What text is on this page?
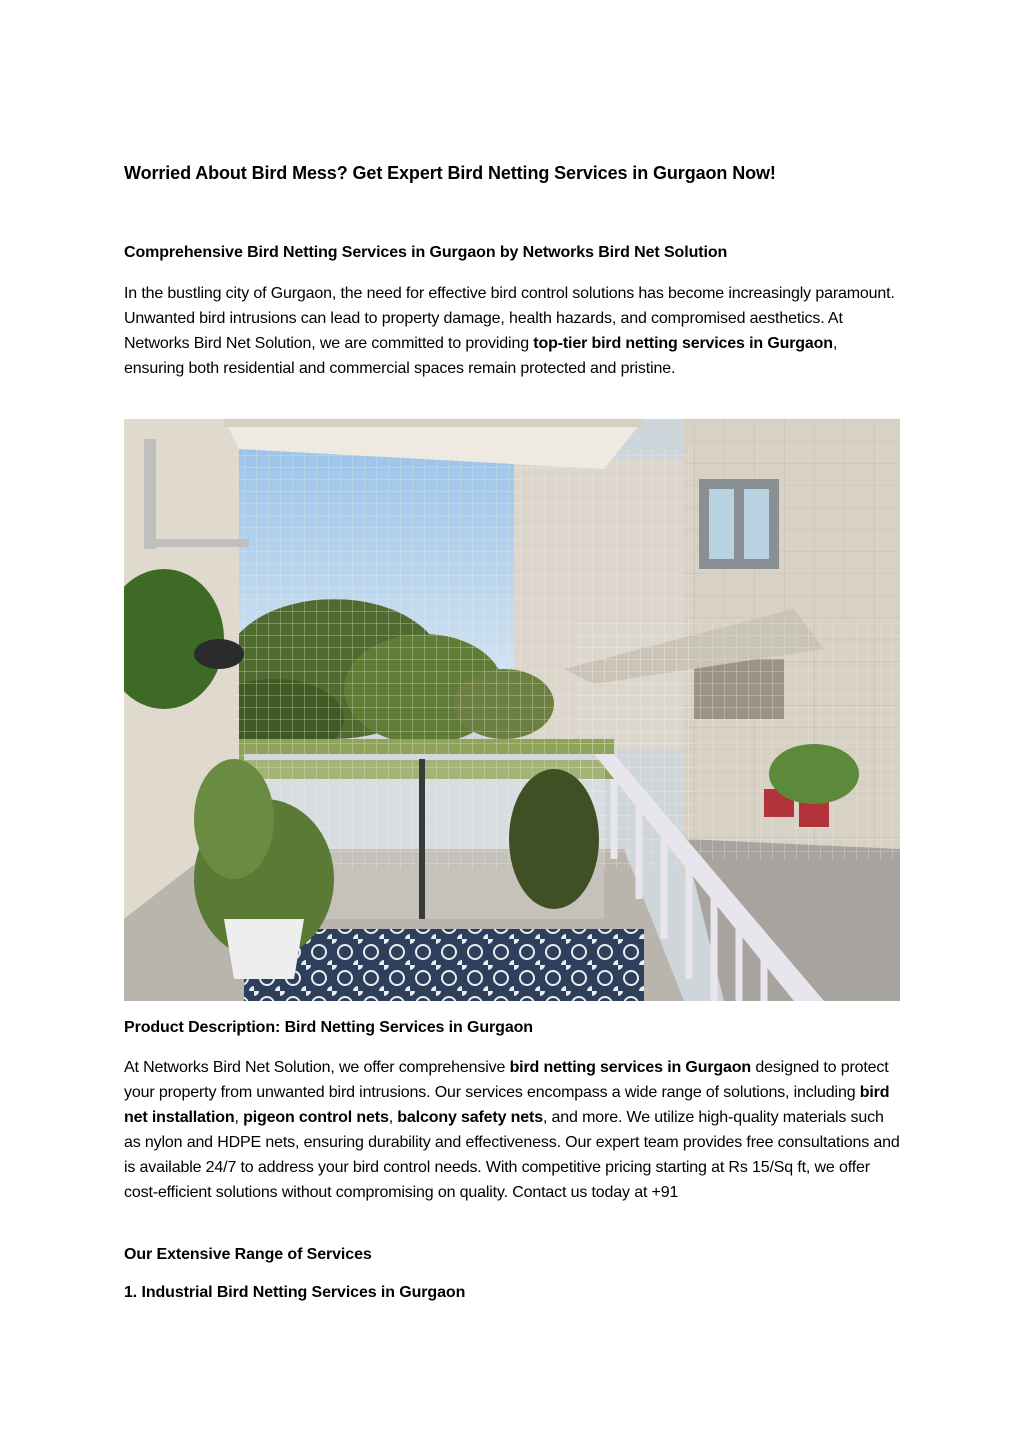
Worried About Bird Mess? Get Expert Bird Netting Services in Gurgaon Now!
Comprehensive Bird Netting Services in Gurgaon by Networks Bird Net Solution

In the bustling city of Gurgaon, the need for effective bird control solutions has become increasingly paramount. Unwanted bird intrusions can lead to property damage, health hazards, and compromised aesthetics. At Networks Bird Net Solution, we are committed to providing top-tier bird netting services in Gurgaon, ensuring both residential and commercial spaces remain protected and pristine.

Product Description: Bird Netting Services in Gurgaon

At Networks Bird Net Solution, we offer comprehensive bird netting services in Gurgaon designed to protect your property from unwanted bird intrusions. Our services encompass a wide range of solutions, including bird net installation, pigeon control nets, balcony safety nets, and more. We utilize high-quality materials such as nylon and HDPE nets, ensuring durability and effectiveness. Our expert team provides free consultations and is available 24/7 to address your bird control needs. With competitive pricing starting at Rs 15/Sq ft, we offer cost-efficient solutions without compromising on quality. Contact us today at +91

Our Extensive Range of Services
1. Industrial Bird Netting Services in Gurgaon
